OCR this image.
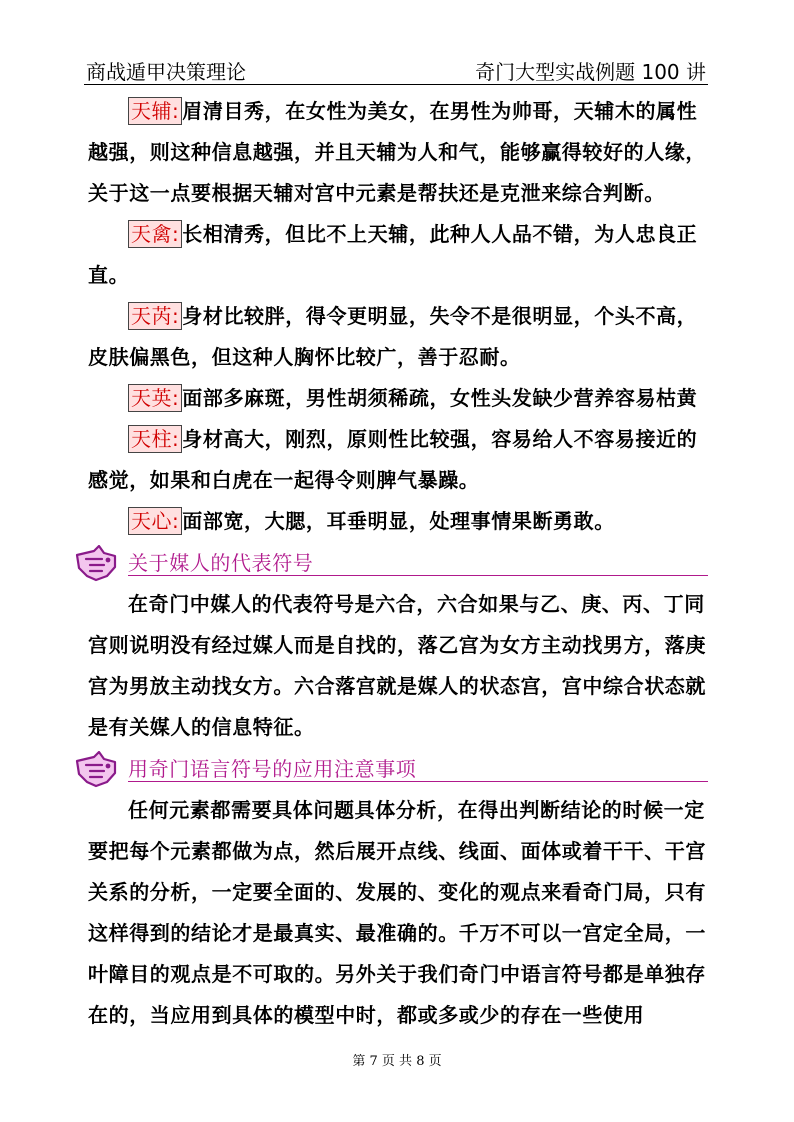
商战遁甲决策理论	奇门大型实战例题 100 讲

天辅: 眉清目秀，在女性为美女，在男性为帅哥，天辅木的属性越强，则这种信息越强，并且天辅为人和气，能够赢得较好的人缘，关于这一点要根据天辅对宫中元素是帮扶还是克泄来综合判断。

天禽: 长相清秀，但比不上天辅，此种人人品不错，为人忠良正直。

天芮: 身材比较胖，得令更明显，失令不是很明显，个头不高，皮肤偏黑色，但这种人胸怀比较广，善于忍耐。

天英: 面部多麻斑，男性胡须稀疏，女性头发缺少营养容易枯黄

天柱: 身材高大，刚烈，原则性比较强，容易给人不容易接近的感觉，如果和白虎在一起得令则脾气暴躁。

天心: 面部宽，大腮，耳垂明显，处理事情果断勇敢。

关于媒人的代表符号

在奇门中媒人的代表符号是六合，六合如果与乙、庚、丙、丁同宫则说明没有经过媒人而是自找的，落乙宫为女方主动找男方，落庚宫为男放主动找女方。六合落宫就是媒人的状态宫，宫中综合状态就是有关媒人的信息特征。

用奇门语言符号的应用注意事项

任何元素都需要具体问题具体分析，在得出判断结论的时候一定要把每个元素都做为点，然后展开点线、线面、面体或着干干、干宫关系的分析，一定要全面的、发展的、变化的观点来看奇门局，只有这样得到的结论才是最真实、最准确的。千万不可以一宫定全局，一叶障目的观点是不可取的。另外关于我们奇门中语言符号都是单独存在的，当应用到具体的模型中时，都或多或少的存在一些使用

第 7 页 共 8 页
